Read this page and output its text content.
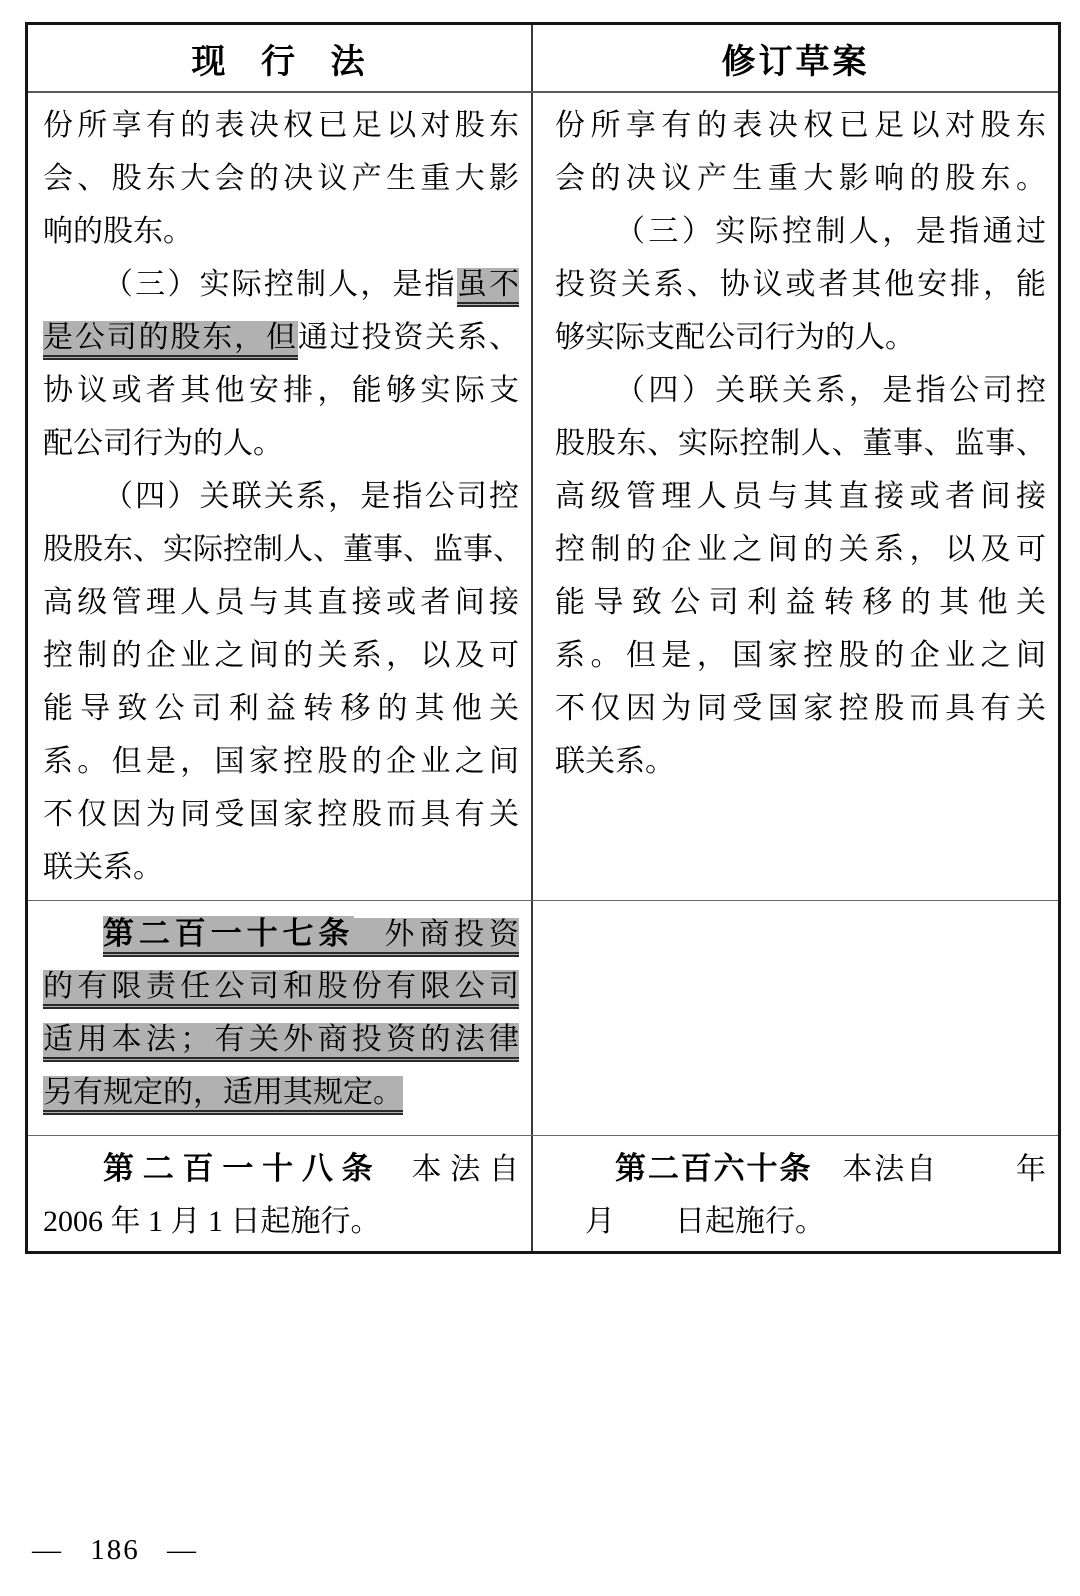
现 行 法	修订草案
份所享有的表决权已足以对股东
会、股东大会的决议产生重大影
响的股东。
（三）实际控制人，是指虽不
是公司的股东，但通过投资关系、
协议或者其他安排，能够实际支
配公司行为的人。
（四）关联关系，是指公司控
股股东、实际控制人、董事、监事、
高级管理人员与其直接或者间接
控制的企业之间的关系，以及可
能导致公司利益转移的其他关
系。但是，国家控股的企业之间
不仅因为同受国家控股而具有关
联关系。
份所享有的表决权已足以对股东
会的决议产生重大影响的股东。
（三）实际控制人，是指通过
投资关系、协议或者其他安排，能
够实际支配公司行为的人。
（四）关联关系，是指公司控
股股东、实际控制人、董事、监事、
高级管理人员与其直接或者间接
控制的企业之间的关系，以及可
能导致公司利益转移的其他关
系。但是，国家控股的企业之间
不仅因为同受国家控股而具有关
联关系。
第二百一十七条 外商投资
的有限责任公司和股份有限公司
适用本法；有关外商投资的法律
另有规定的，适用其规定。
第二百一十八条 本法自
2006 年 1 月 1 日起施行。
第二百六十条 本法自	年
月 日起施行。
— 186 —
